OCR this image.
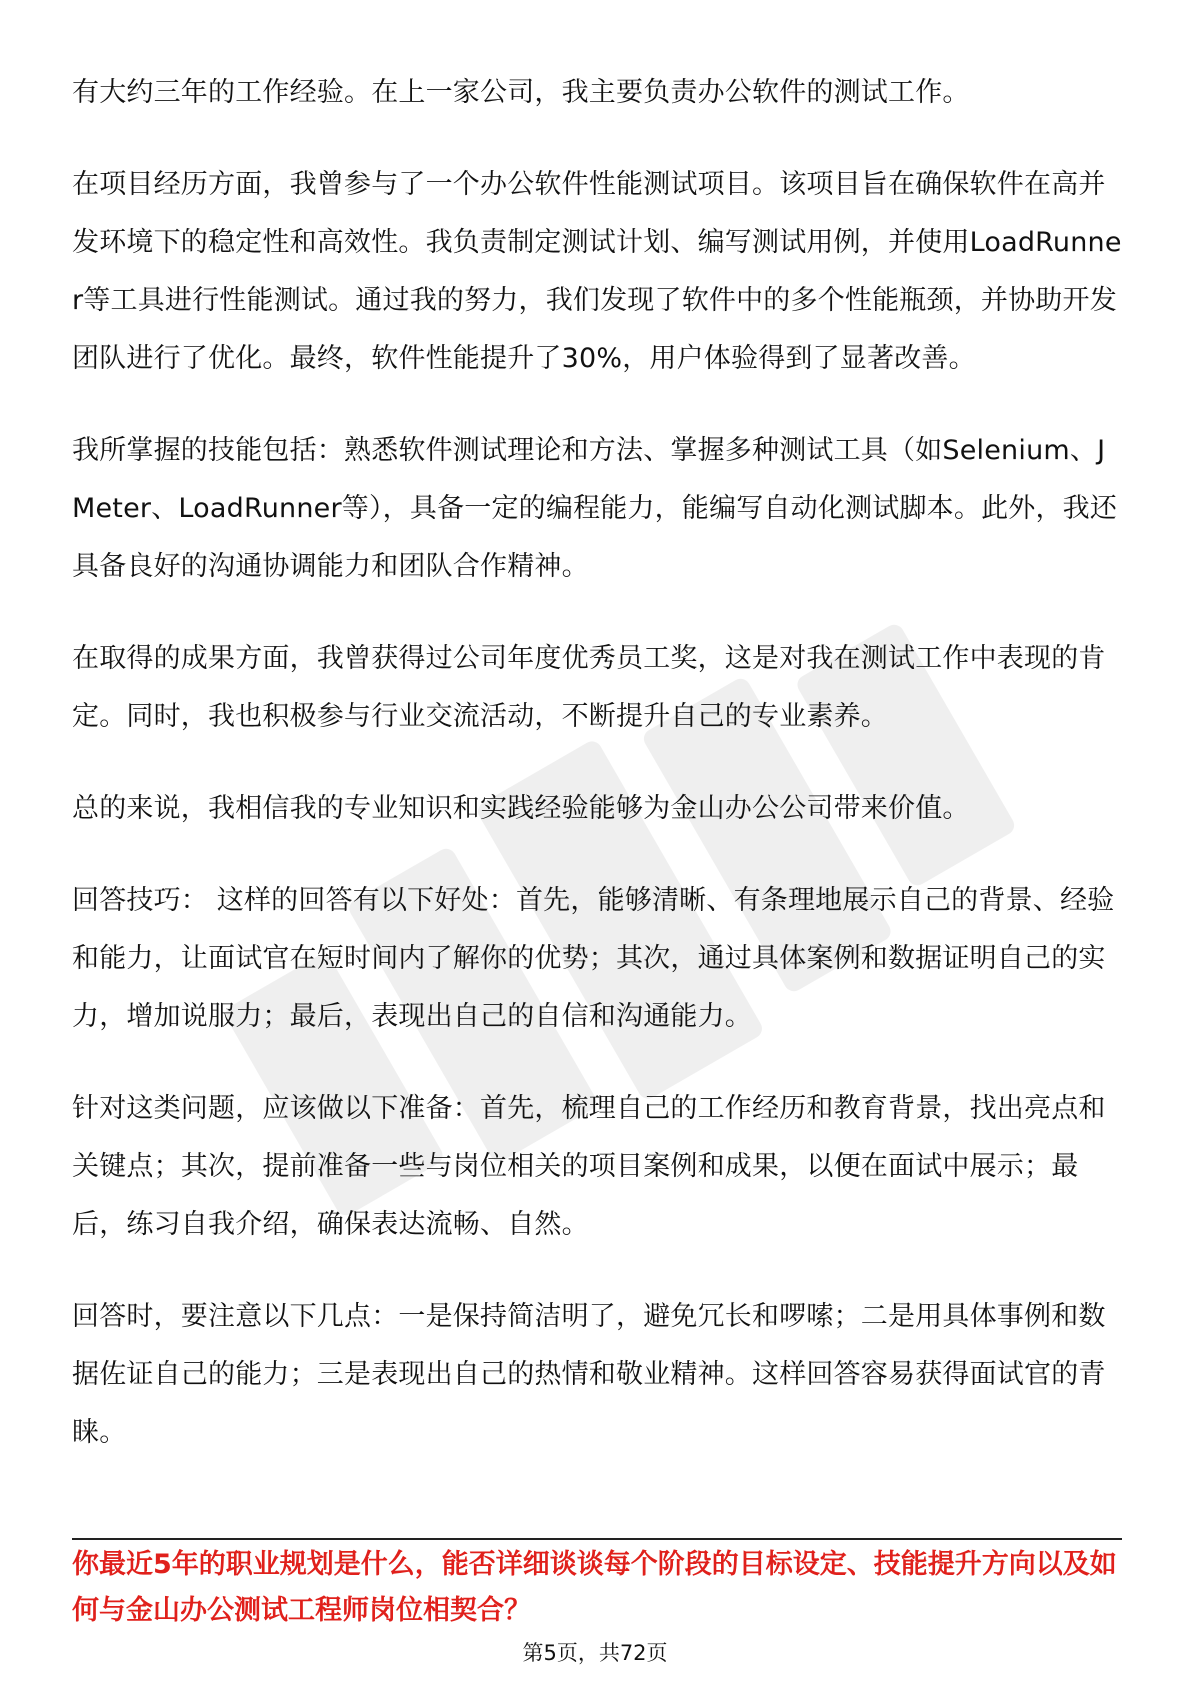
有大约三年的工作经验。在上一家公司，我主要负责办公软件的测试工作。

在项目经历方面，我曾参与了一个办公软件性能测试项目。该项目旨在确保软件在高并发环境下的稳定性和高效性。我负责制定测试计划、编写测试用例，并使用LoadRunner等工具进行性能测试。通过我的努力，我们发现了软件中的多个性能瓶颈，并协助开发团队进行了优化。最终，软件性能提升了30%，用户体验得到了显著改善。

我所掌握的技能包括：熟悉软件测试理论和方法、掌握多种测试工具（如Selenium、JMeter、LoadRunner等），具备一定的编程能力，能编写自动化测试脚本。此外，我还具备良好的沟通协调能力和团队合作精神。

在取得的成果方面，我曾获得过公司年度优秀员工奖，这是对我在测试工作中表现的肯定。同时，我也积极参与行业交流活动，不断提升自己的专业素养。

总的来说，我相信我的专业知识和实践经验能够为金山办公公司带来价值。

回答技巧： 这样的回答有以下好处：首先，能够清晰、有条理地展示自己的背景、经验和能力，让面试官在短时间内了解你的优势；其次，通过具体案例和数据证明自己的实力，增加说服力；最后，表现出自己的自信和沟通能力。

针对这类问题，应该做以下准备：首先，梳理自己的工作经历和教育背景，找出亮点和关键点；其次，提前准备一些与岗位相关的项目案例和成果，以便在面试中展示；最后，练习自我介绍，确保表达流畅、自然。

回答时，要注意以下几点：一是保持简洁明了，避免冗长和啰嗦；二是用具体事例和数据佐证自己的能力；三是表现出自己的热情和敬业精神。这样回答容易获得面试官的青睐。

你最近5年的职业规划是什么，能否详细谈谈每个阶段的目标设定、技能提升方向以及如何与金山办公测试工程师岗位相契合？

第5页，共72页
